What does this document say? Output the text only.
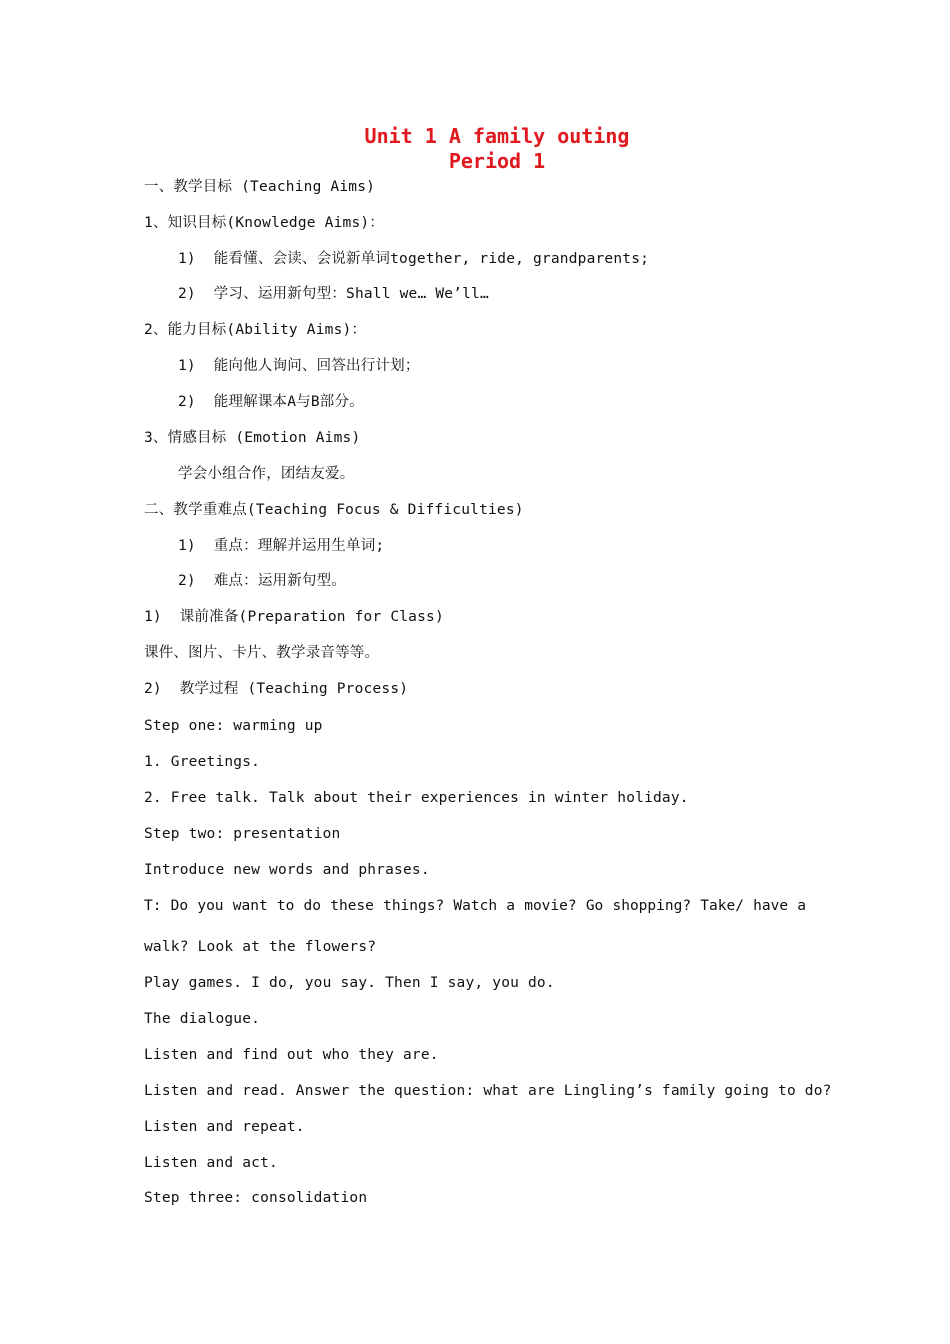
Unit 1 A family outing
Period 1
一、教学目标 (Teaching Aims)
1、知识目标(Knowledge Aims)：
1)  能看懂、会读、会说新单词together, ride, grandparents;
2)  学习、运用新句型：Shall we… We’ll…
2、能力目标(Ability Aims)：
1)  能向他人询问、回答出行计划；
2)  能理解课本A与B部分。
3、情感目标 (Emotion Aims)
学会小组合作，团结友爱。
二、教学重难点(Teaching Focus & Difficulties)
1)  重点：理解并运用生单词;
2)  难点：运用新句型。
1)  课前准备(Preparation for Class)
课件、图片、卡片、教学录音等等。
2)  教学过程 (Teaching Process)
Step one: warming up
1. Greetings.
2. Free talk. Talk about their experiences in winter holiday.
Step two: presentation
Introduce new words and phrases.
T: Do you want to do these things? Watch a movie? Go shopping? Take/ have a
walk? Look at the flowers?
Play games. I do, you say. Then I say, you do.
The dialogue.
Listen and find out who they are.
Listen and read. Answer the question: what are Lingling’s family going to do?
Listen and repeat.
Listen and act.
Step three: consolidation
